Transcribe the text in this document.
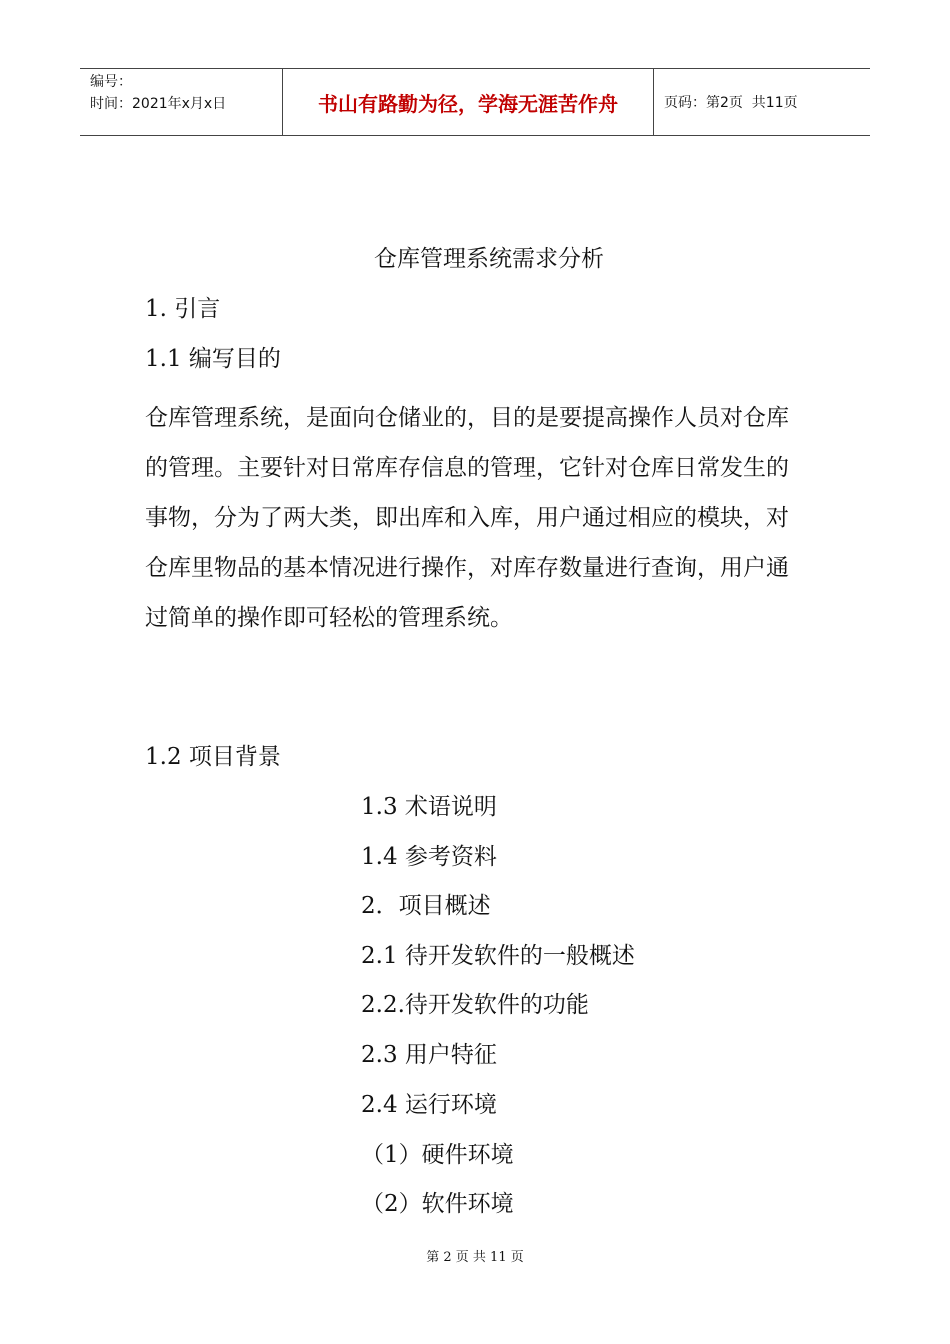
编号：
时间：2021年x月x日	书山有路勤为径，学海无涯苦作舟	页码：第2页  共11页
仓库管理系统需求分析
1. 引言
1.1 编写目的
仓库管理系统，是面向仓储业的，目的是要提高操作人员对仓库的管理。主要针对日常库存信息的管理，它针对仓库日常发生的事物，分为了两大类，即出库和入库，用户通过相应的模块，对仓库里物品的基本情况进行操作，对库存数量进行查询，用户通过简单的操作即可轻松的管理系统。
1.2 项目背景
1.3 术语说明
1.4 参考资料
2．项目概述
2.1 待开发软件的一般概述
2.2.待开发软件的功能
2.3 用户特征
2.4 运行环境
（1）硬件环境
（2）软件环境
第 2 页 共 11 页
